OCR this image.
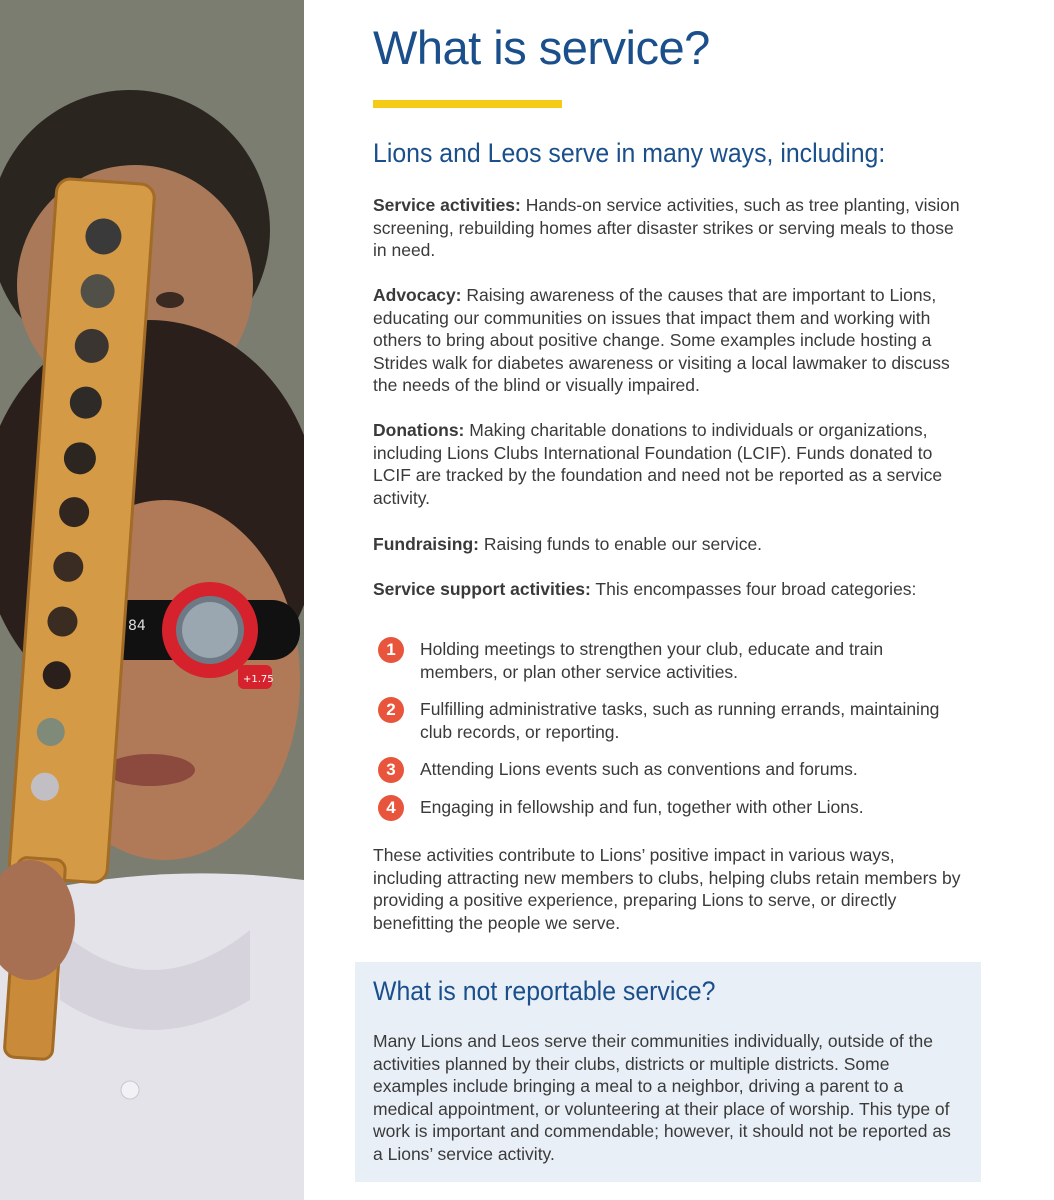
84
+1.75
What is service?
Lions and Leos serve in many ways, including:

Service activities: Hands-on service activities, such as tree planting, vision screening, rebuilding homes after disaster strikes or serving meals to those in need.

Advocacy: Raising awareness of the causes that are important to Lions, educating our communities on issues that impact them and working with others to bring about positive change. Some examples include hosting a Strides walk for diabetes awareness or visiting a local lawmaker to discuss the needs of the blind or visually impaired.

Donations: Making charitable donations to individuals or organizations, including Lions Clubs International Foundation (LCIF). Funds donated to LCIF are tracked by the foundation and need not be reported as a service activity.

Fundraising: Raising funds to enable our service.

Service support activities: This encompasses four broad categories:

1	Holding meetings to strengthen your club, educate and train members, or plan other service activities.
2	Fulfilling administrative tasks, such as running errands, maintaining club records, or reporting.
3	Attending Lions events such as conventions and forums.
4	Engaging in fellowship and fun, together with other Lions.

These activities contribute to Lions’ positive impact in various ways, including attracting new members to clubs, helping clubs retain members by providing a positive experience, preparing Lions to serve, or directly benefitting the people we serve.

What is not reportable service?

Many Lions and Leos serve their communities individually, outside of the activities planned by their clubs, districts or multiple districts. Some examples include bringing a meal to a neighbor, driving a parent to a medical appointment, or volunteering at their place of worship. This type of work is important and commendable; however, it should not be reported as a Lions’ service activity.
